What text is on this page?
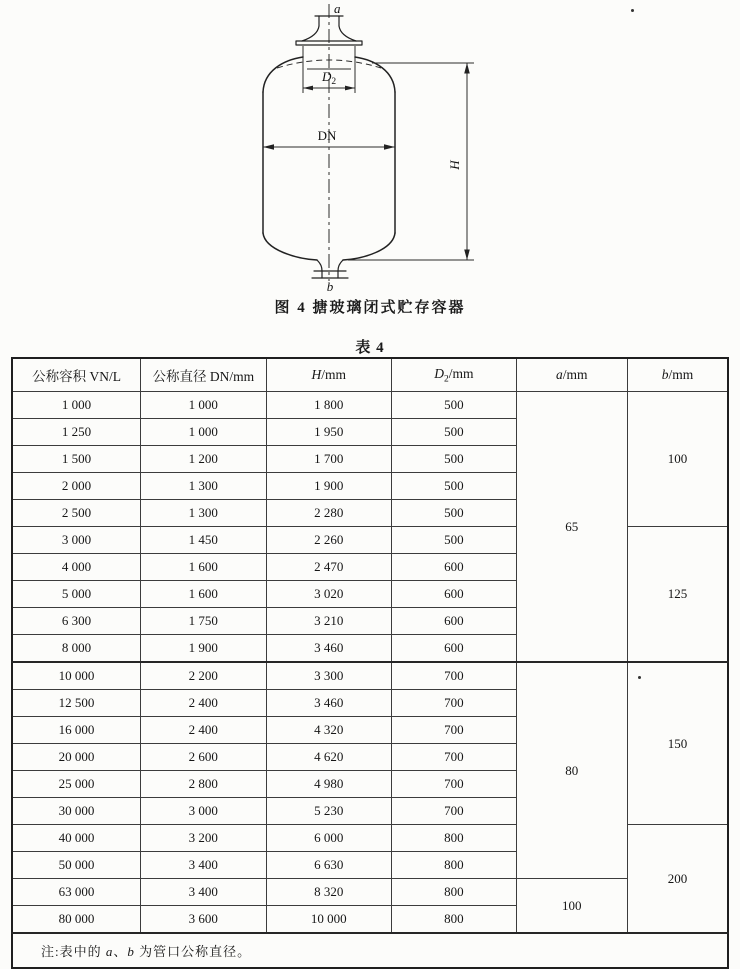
$D_2$
DN
H
a
b
图 4 搪玻璃闭式贮存容器
表 4
公称容积 VN/L	公称直径 DN/mm	H/mm	$D_2/mm$	a/mm	b/mm
1 000	1 000	1 800	500	65	100
1 250	1 000	1 950	500		
1 500	1 200	1 700	500		
2 000	1 300	1 900	500		
2 500	1 300	2 280	500		
3 000	1 450	2 260	500		125
4 000	1 600	2 470	600		
5 000	1 600	3 020	600		
6 300	1 750	3 210	600		
8 000	1 900	3 460	600		
10 000	2 200	3 300	700	80	150
12 500	2 400	3 460	700		
16 000	2 400	4 320	700		
20 000	2 600	4 620	700		
25 000	2 800	4 980	700		
30 000	3 000	5 230	700		
40 000	3 200	6 000	800		200
50 000	3 400	6 630	800		
63 000	3 400	8 320	800	100	
80 000	3 600	10 000	800		
注:表中的 a、b 为管口公称直径。					
